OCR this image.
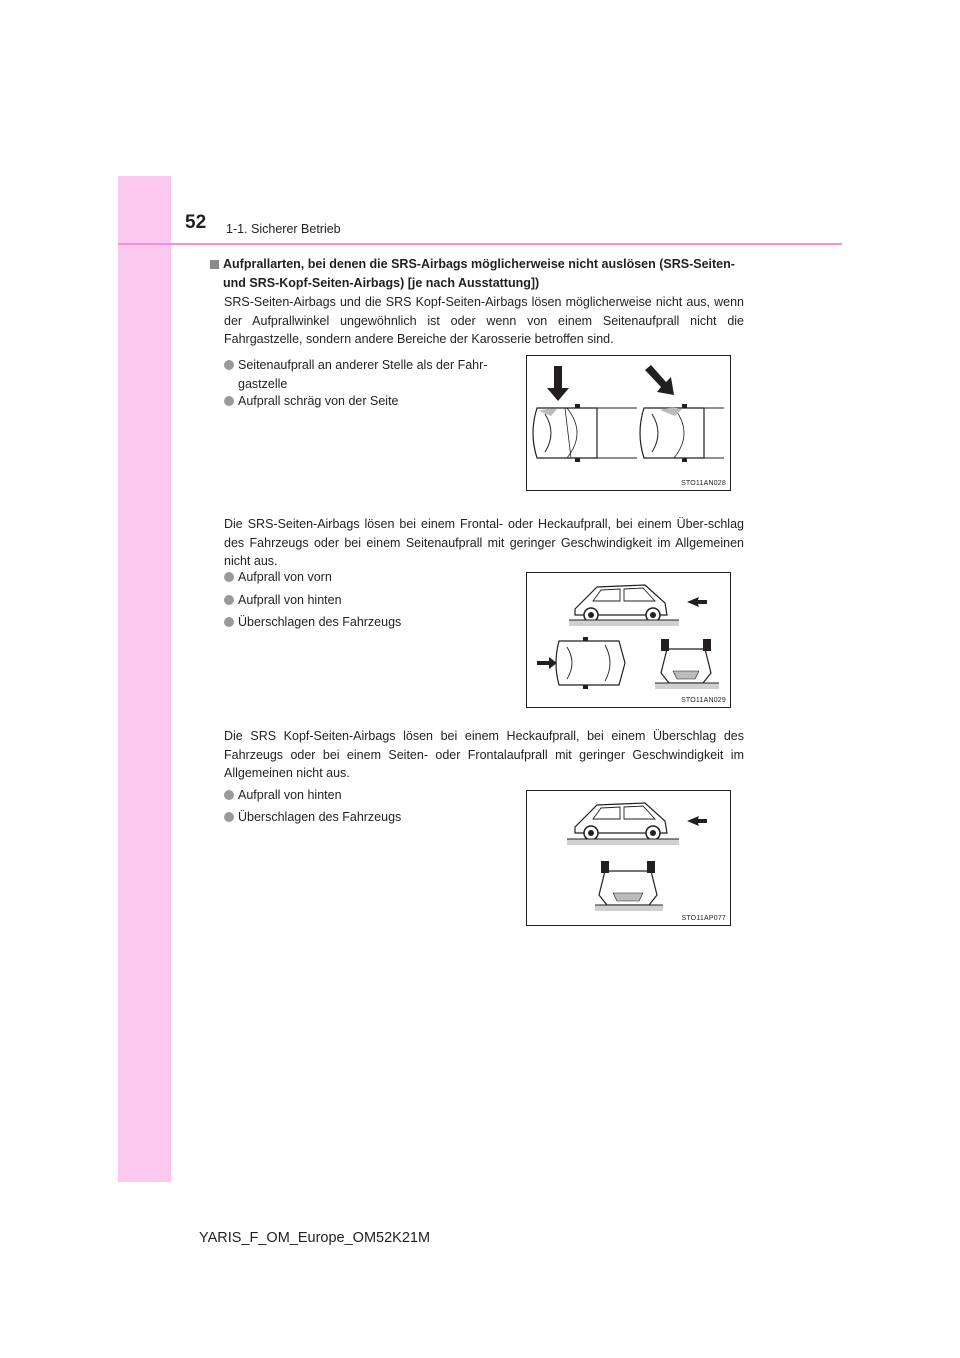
52 1-1. Sicherer Betrieb
Aufprallarten, bei denen die SRS-Airbags möglicherweise nicht auslösen (SRS-Seiten- und SRS-Kopf-Seiten-Airbags) [je nach Ausstattung])
SRS-Seiten-Airbags und die SRS Kopf-Seiten-Airbags lösen möglicherweise nicht aus, wenn der Aufprallwinkel ungewöhnlich ist oder wenn von einem Seitenaufprall nicht die Fahrgastzelle, sondern andere Bereiche der Karosserie betroffen sind.
Seitenaufprall an anderer Stelle als der Fahr-gastzelle
Aufprall schräg von der Seite
STO11AN028
Die SRS-Seiten-Airbags lösen bei einem Frontal- oder Heckaufprall, bei einem Über-schlag des Fahrzeugs oder bei einem Seitenaufprall mit geringer Geschwindigkeit im Allgemeinen nicht aus.
Aufprall von vorn
Aufprall von hinten
Überschlagen des Fahrzeugs
STO11AN029
Die SRS Kopf-Seiten-Airbags lösen bei einem Heckaufprall, bei einem Überschlag des Fahrzeugs oder bei einem Seiten- oder Frontalaufprall mit geringer Geschwindigkeit im Allgemeinen nicht aus.
Aufprall von hinten
Überschlagen des Fahrzeugs
STO11AP077
YARIS_F_OM_Europe_OM52K21M
